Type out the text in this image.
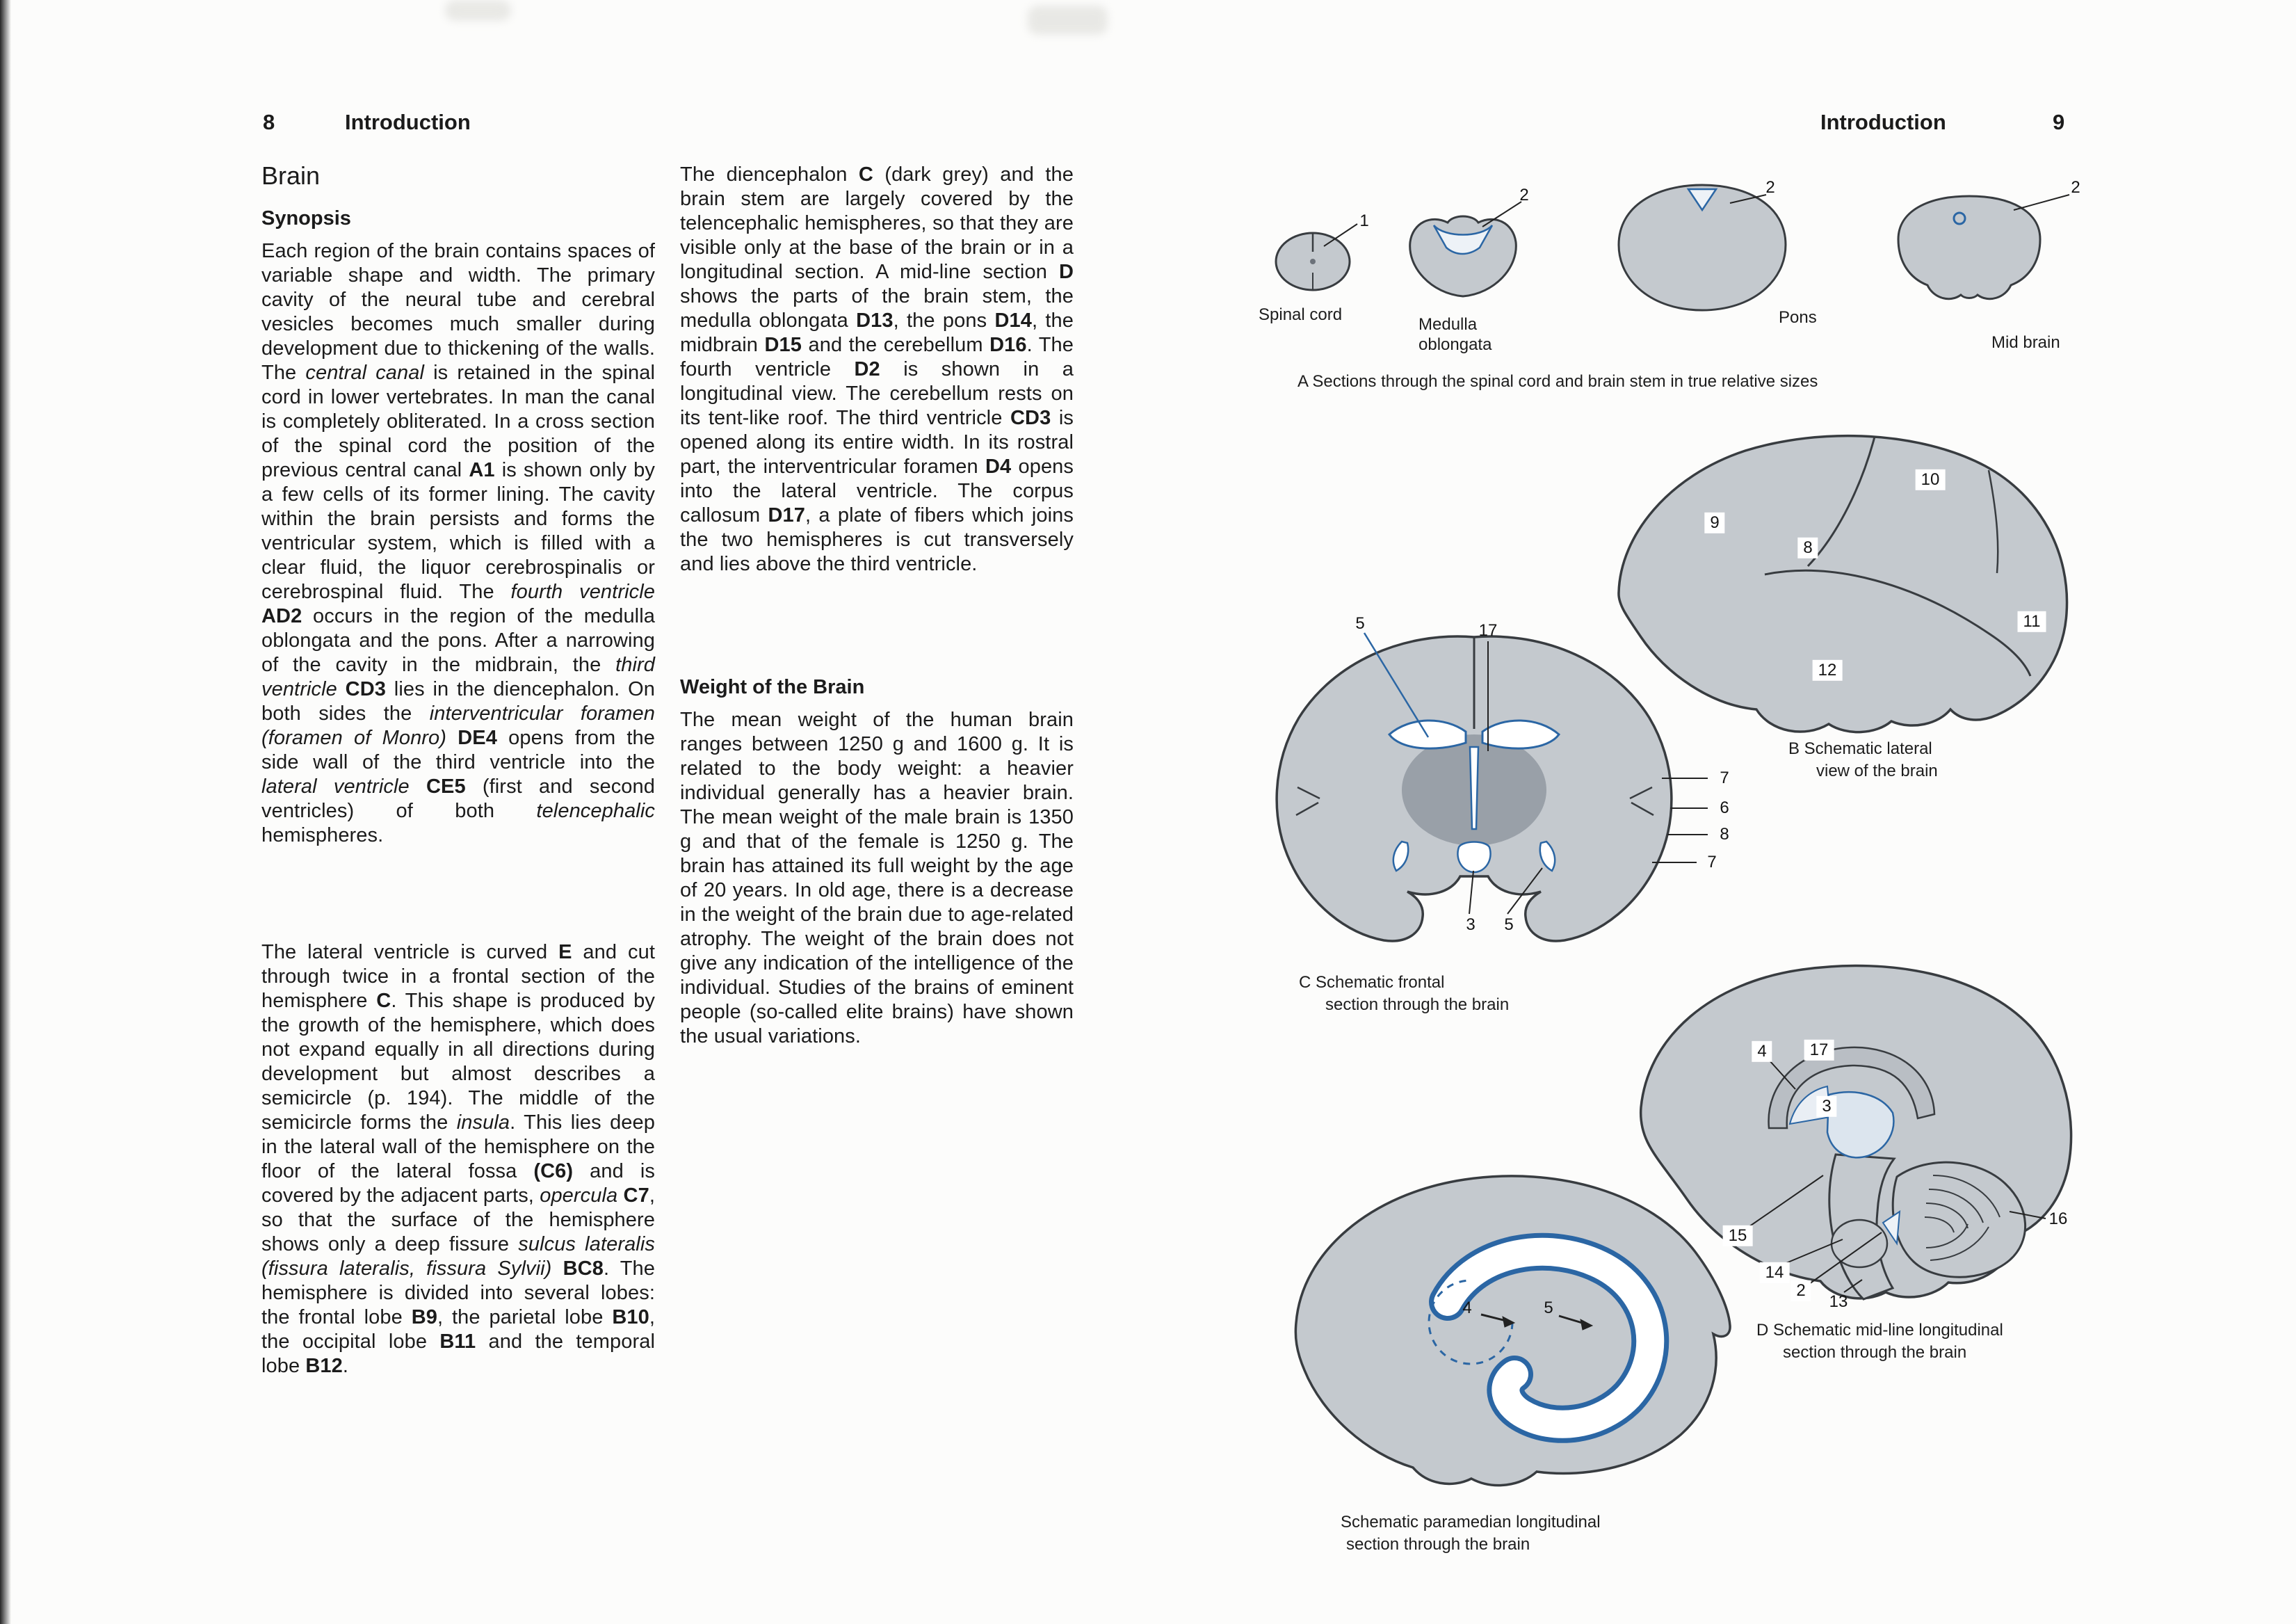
8	Introduction
Brain
Synopsis
Each region of the brain contains spaces of variable shape and width. The primary cavity of the neural tube and cerebral vesicles becomes much smaller during development due to thickening of the walls. The central canal is retained in the spinal cord in lower vertebrates. In man the canal is completely obliterated. In a cross section of the spinal cord the position of the previous central canal A1 is shown only by a few cells of its former lining. The cavity within the brain persists and forms the ventricular system, which is filled with a clear fluid, the liquor cerebrospinalis or cerebrospinal fluid. The fourth ventricle AD2 occurs in the region of the medulla oblongata and the pons. After a narrowing of the cavity in the midbrain, the third ventricle CD3 lies in the diencephalon. On both sides the interventricular foramen (foramen of Monro) DE4 opens from the side wall of the third ventricle into the lateral ventricle CE5 (first and second ventricles) of both telencephalic hemispheres.
The lateral ventricle is curved E and cut through twice in a frontal section of the hemisphere C. This shape is produced by the growth of the hemisphere, which does not expand equally in all directions during development but almost describes a semicircle (p. 194). The middle of the semicircle forms the insula. This lies deep in the lateral wall of the hemisphere on the floor of the lateral fossa (C6) and is covered by the adjacent parts, opercula C7, so that the surface of the hemisphere shows only a deep fissure sulcus lateralis (fissura lateralis, fissura Sylvii) BC8. The hemisphere is divided into several lobes: the frontal lobe B9, the parietal lobe B10, the occipital lobe B11 and the temporal lobe B12.
The diencephalon C (dark grey) and the brain stem are largely covered by the telencephalic hemispheres, so that they are visible only at the base of the brain or in a longitudinal section. A mid-line section D shows the parts of the brain stem, the medulla oblongata D13, the pons D14, the midbrain D15 and the cerebellum D16. The fourth ventricle D2 is shown in a longitudinal view. The cerebellum rests on its tent-like roof. The third ventricle CD3 is opened along its entire width. In its rostral part, the interventricular foramen D4 opens into the lateral ventricle. The corpus callosum D17, a plate of fibers which joins the two hemispheres is cut transversely and lies above the third ventricle.
Weight of the Brain
The mean weight of the human brain ranges between 1250 g and 1600 g. It is related to the body weight: a heavier individual generally has a heavier brain. The mean weight of the male brain is 1350 g and that of the female is 1250 g. The brain has attained its full weight by the age of 20 years. In old age, there is a decrease in the weight of the brain due to age-related atrophy. The weight of the brain does not give any indication of the intelligence of the individual. Studies of the brains of eminent people (so-called elite brains) have shown the usual variations.
Introduction	9
1
2	2	2
Spinal cord
Medulla oblongata
Pons
Mid brain
A Sections through the spinal cord and brain stem in true relative sizes
10
9
8
11
12
B Schematic lateral
view of the brain
5	17
7
6
8
7
3 5
C Schematic frontal
section through the brain
4	17
3
15
16
14
2
13
D Schematic mid-line longitudinal
section through the brain
4	5
Schematic paramedian longitudinal
section through the brain
